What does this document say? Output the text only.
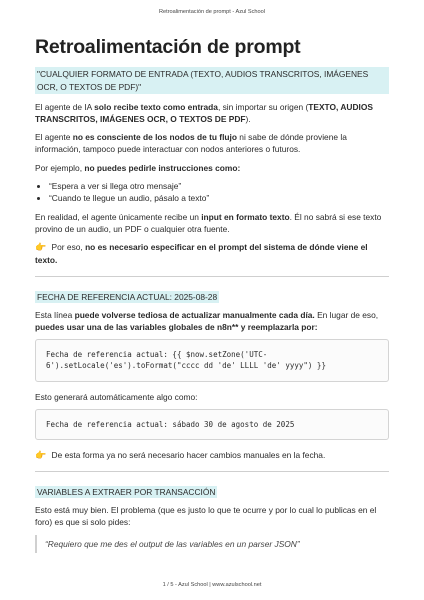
Retroalimentación de prompt - Azul School
Retroalimentación de prompt
"CUALQUIER FORMATO DE ENTRADA (TEXTO, AUDIOS TRANSCRITOS, IMÁGENES OCR, O TEXTOS DE PDF)"

El agente de IA solo recibe texto como entrada, sin importar su origen (TEXTO, AUDIOS TRANSCRITOS, IMÁGENES OCR, O TEXTOS DE PDF).

El agente no es consciente de los nodos de tu flujo ni sabe de dónde proviene la información, tampoco puede interactuar con nodos anteriores o futuros.

Por ejemplo, no puedes pedirle instrucciones como:

• “Espera a ver si llega otro mensaje”
• “Cuando te llegue un audio, pásalo a texto”

En realidad, el agente únicamente recibe un input en formato texto. Él no sabrá si ese texto provino de un audio, un PDF o cualquier otra fuente.

👉 Por eso, no es necesario especificar en el prompt del sistema de dónde viene el texto.

FECHA DE REFERENCIA ACTUAL: 2025-08-28

Esta línea puede volverse tediosa de actualizar manualmente cada día. En lugar de eso, puedes usar una de las variables globales de n8n** y reemplazarla por:

Fecha de referencia actual: {{ $now.setZone('UTC-6').setLocale('es').toFormat("cccc dd 'de' LLLL 'de' yyyy") }}

Esto generará automáticamente algo como:

Fecha de referencia actual: sábado 30 de agosto de 2025

👉 De esta forma ya no será necesario hacer cambios manuales en la fecha.

VARIABLES A EXTRAER POR TRANSACCIÓN

Esto está muy bien. El problema (que es justo lo que te ocurre y por lo cual lo publicas en el foro) es que si solo pides:

“Requiero que me des el output de las variables en un parser JSON”
1 / 5 - Azul School | www.azulschool.net
